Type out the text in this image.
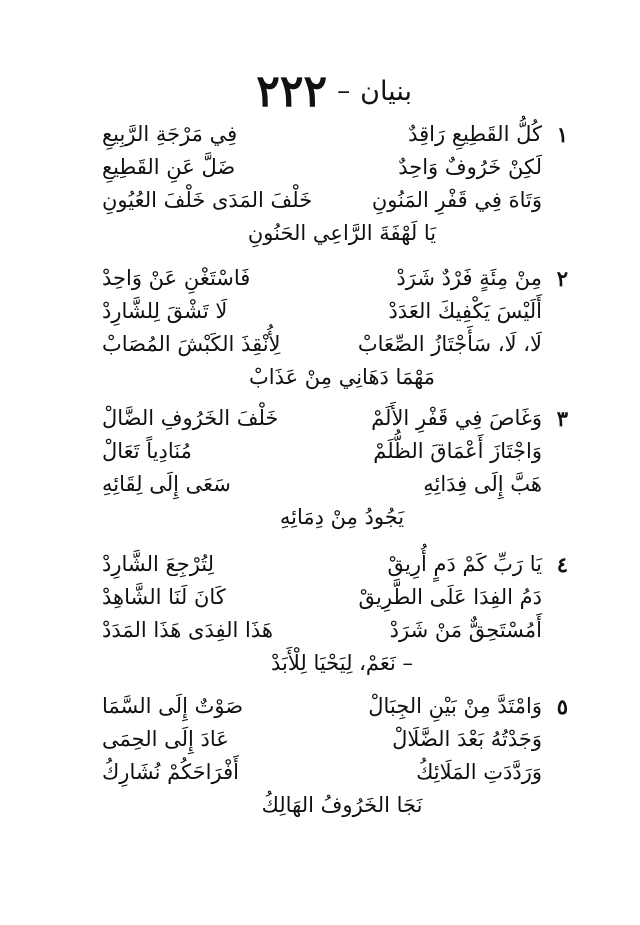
بنيان
–
٢٢٢
١
كُلُّ القَطِيعِ رَاقِدٌ
فِي مَرْجَةِ الرَّبِيعِ
لَكِنْ خَرُوفٌ وَاحِدٌ
ضَلَّ عَنِ القَطِيعِ
وَتَاهَ فِي قَفْرِ المَنُونِ
خَلْفَ المَدَى خَلْفَ العُيُونِ
يَا لَهْفَةَ الرَّاعِي الحَنُونِ
٢
مِنْ مِئَةٍ فَرْدٌ شَرَدْ
فَاسْتَغْنِ عَنْ وَاحِدْ
أَلَيْسَ يَكْفِيكَ العَدَدْ
لَا تَشْقَ لِلشَّارِدْ
لَا، لَا، سَأَجْتَازُ الصِّعَابْ
لِأُنْقِذَ الكَبْشَ المُصَابْ
مَهْمَا دَهَانِي مِنْ عَذَابْ
٣
وَغَاصَ فِي قَفْرِ الأَلَمْ
خَلْفَ الخَرُوفِ الضَّالْ
وَاجْتَازَ أَعْمَاقَ الظُّلَمْ
مُنَادِياً تَعَالْ
هَبَّ إِلَى فِدَائِهِ
سَعَى إِلَى لِقَائِهِ
يَجُودُ مِنْ دِمَائِهِ
٤
يَا رَبِّ كَمْ دَمٍ أُرِيقْ
لِتُرْجِعَ الشَّارِدْ
دَمُ الفِدَا عَلَى الطَّرِيقْ
كَانَ لَنَا الشَّاهِدْ
أَمُسْتَحِقٌّ مَنْ شَرَدْ
هَذَا الفِدَى هَذَا المَدَدْ
– نَعَمْ، لِيَحْيَا لِلْأَبَدْ
٥
وَامْتَدَّ مِنْ بَيْنِ الجِبَالْ
صَوْتٌ إِلَى السَّمَا
وَجَدْتُهُ بَعْدَ الضَّلَالْ
عَادَ إِلَى الحِمَى
وَرَدَّدَتِ المَلَائِكُ
أَفْرَاحَكُمْ نُشَارِكُ
نَجَا الخَرُوفُ الهَالِكُ
